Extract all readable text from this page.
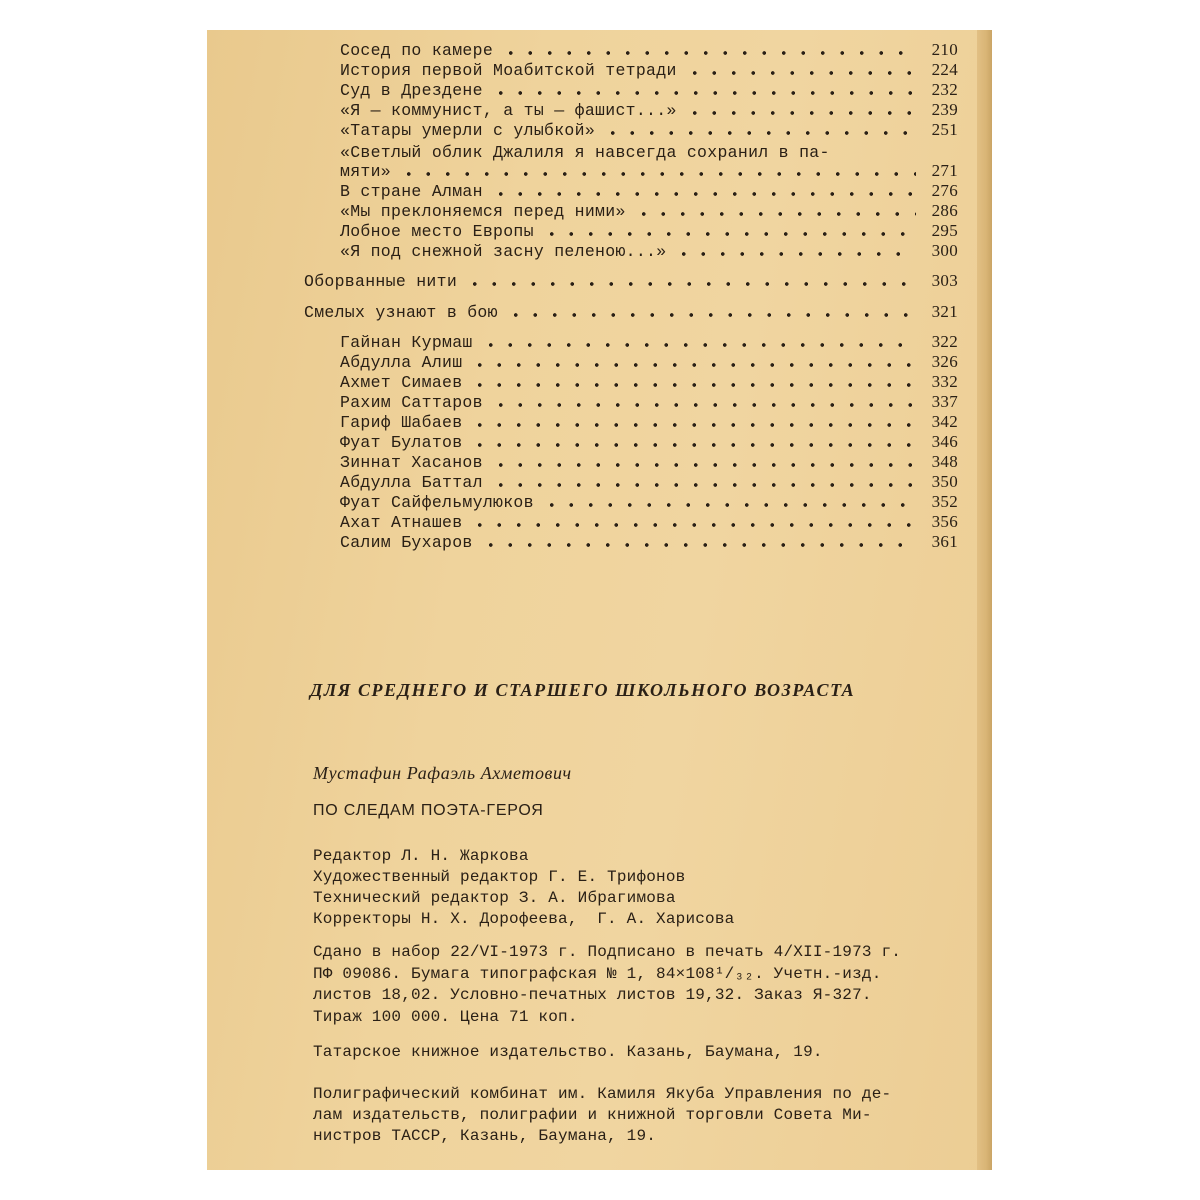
Сосед по камере	210
История первой Моабитской тетради	224
Суд в Дрездене	232
«Я — коммунист, а ты — фашист...»	239
«Татары умерли с улыбкой»	251
«Светлый облик Джалиля я навсегда сохранил в па-
мяти»	271
В стране Алман	276
«Мы преклоняемся перед ними»	286
Лобное место Европы	295
«Я под снежной засну пеленою...»	300
Оборванные нити	303
Смелых узнают в бою	321
Гайнан Курмаш	322
Абдулла Алиш	326
Ахмет Симаев	332
Рахим Саттаров	337
Гариф Шабаев	342
Фуат Булатов	346
Зиннат Хасанов	348
Абдулла Баттал	350
Фуат Сайфельмулюков	352
Ахат Атнашев	356
Салим Бухаров	361
ДЛЯ СРЕДНЕГО И СТАРШЕГО ШКОЛЬНОГО ВОЗРАСТА
Мустафин Рафаэль Ахметович
ПО СЛЕДАМ ПОЭТА-ГЕРОЯ
Редактор Л. Н. Жаркова
Художественный редактор Г. Е. Трифонов
Технический редактор З. А. Ибрагимова
Корректоры Н. Х. Дорофеева,  Г. А. Харисова
Сдано в набор 22/VI-1973 г. Подписано в печать 4/XII-1973 г.
ПФ 09086. Бумага типографская № 1, 84×108¹/₃₂. Учетн.-изд.
листов 18,02. Условно-печатных листов 19,32. Заказ Я-327.
Тираж 100 000. Цена 71 коп.
Татарское книжное издательство. Казань, Баумана, 19.
Полиграфический комбинат им. Камиля Якуба Управления по де-
лам издательств, полиграфии и книжной торговли Совета Ми-
нистров ТАССР, Казань, Баумана, 19.
